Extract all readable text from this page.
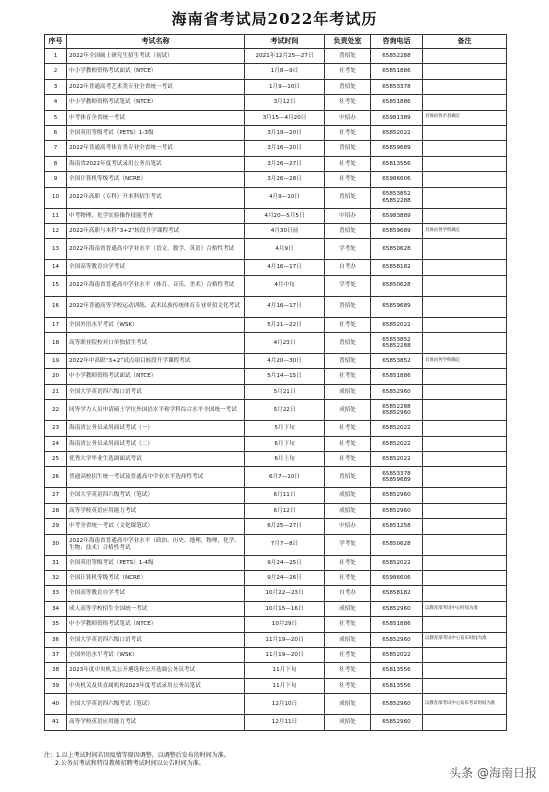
海南省考试局2022年考试历
序号	考试名称	考试时间	负责处室	咨询电话	备注
1	2022年全国硕士研究生招生考试（初试）	2021年12月25—27日	普招处	65852288	
2	中小学教师资格考试面试（NTCE）	1月8—9日	社考处	65851886	
3	2022年普通高考艺术类专业全省统一考试	1月9—10日	普招处	65853378	
4	中小学教师资格考试笔试（NTCE）	3月12日	社考处	65851886	
5	中考体育全省统一考试	3月15—4月20日	中招办	65981389	具体由各市县确定
6	全国英语等级考试（PETS）1-3级	3月19—20日	社考处	65852022	
7	2022年普通高考体育类专业全省统一考试	3月16—20日	普招处	65859689	
8	海南省2022年度考试录用公务员笔试	3月26—27日	社考处	65813556	
9	全国计算机等级考试（NCRE）	3月26—28日	社考处	65986606	
10	2022年高职（专科）升本科招生考试	4月9—10日	普招处	65853852
65852288	
11	中考物理、化学实验操作技能考查	4月20—5月5日	中招办	65983889	
12	2022年高职与本科“3+2”转段升学课程考试	4月30日前	普招处	65859689	具体由各学校确定
13	2022年海南省普通高中学业水平（语文、数学、英语）合格性考试	4月9日	学考处	65850628	
14	全国高等教育自学考试	4月16—17日	自考办	65858182	
15	2022年海南省普通高中学业水平（体育、音乐、美术）合格性考试	4月中旬	学考处	65850628	
16	2022年普通高等学校运动训练、武术民族传统体育专业单招文化考试	4月16—17日	普招处	65859689	
17	全国外语水平考试（WSK）	5月21—22日	社考处	65852022	
18	高等职业院校对口单独招生考试	4月23日	普招处	65853852
65852288	
19	2022年中高职“3+2”试点项目转段升学课程考试	4月20—30日	普招处	65853852	具体由各学校确定
20	中小学教师资格考试面试（NTCE）	5月14—15日	社考处	65851886	
21	全国大学英语四六级口语考试	5月21日	成招处	65852960	
22	同等学力人员申请硕士学位外国语水平和学科综合水平全国统一考试	5月22日	成招处	65852288
65852960	
23	海南省公务员录用面试考试（一）	5月下旬	社考处	65852022	
24	海南省公务员录用面试考试（二）	6月下旬	社考处	65852022	
25	优秀大学毕业生选调面试考试	6月上旬	社考处	65852022	
26	普通高校招生统一考试及普通高中学业水平选择性考试	6月7—10日	普招处	65853378
65859689	
27	全国大学英语四六级考试（笔试）	6月11日	成招处	65852960	
28	高等学校英语应用能力考试	6月12日	成招处	65852960	
29	中考全省统一考试（文化课笔试）	6月25—27日	中招办	65851258	
30	2022年海南省普通高中学业水平（政治、历史、地理、物理、化学、生物、技术）合格性考试	7月7—8日	学考处	65850628	
31	全国英语等级考试（PETS）1-4级	9月24—25日	社考处	65852022	
32	全国计算机等级考试（NCRE）	9月24—26日	社考处	65986606	
33	全国高等教育自学考试	10月22—23日	自考办	65858182	
34	成人高等学校招生全国统一考试	10月15—16日	成招处	65852960	以教育部考试中心时间为准
35	中小学教师资格考试笔试（NTCE）	10月29日	社考处	65851886	
36	全国大学英语四六级口语考试	11月19—20日	成招处	65852960	以教育部考试中心发布时间为准
37	全国外语水平考试（WSK）	11月19—20日	社考处	65852022	
38	2023年度中央机关公开遴选和公开选调公务员考试	11月下旬	社考处	65813556	
39	中央机关及其直属机构2023年度考试录用公务员笔试	11月下旬	社考处	65813556	
40	全国大学英语四六级考试（笔试）	12月10日	成招处	65852960	以教育部考试中心发布考试时间为准
41	高等学校英语应用能力考试	12月11日	成招处	65852960	
注：1.以上考试时间若因疫情等原因调整，以调整后发布的时间为准。
2.公务员考试和特岗教师招聘考试时间以公告时间为准。
头条 @海南日报
